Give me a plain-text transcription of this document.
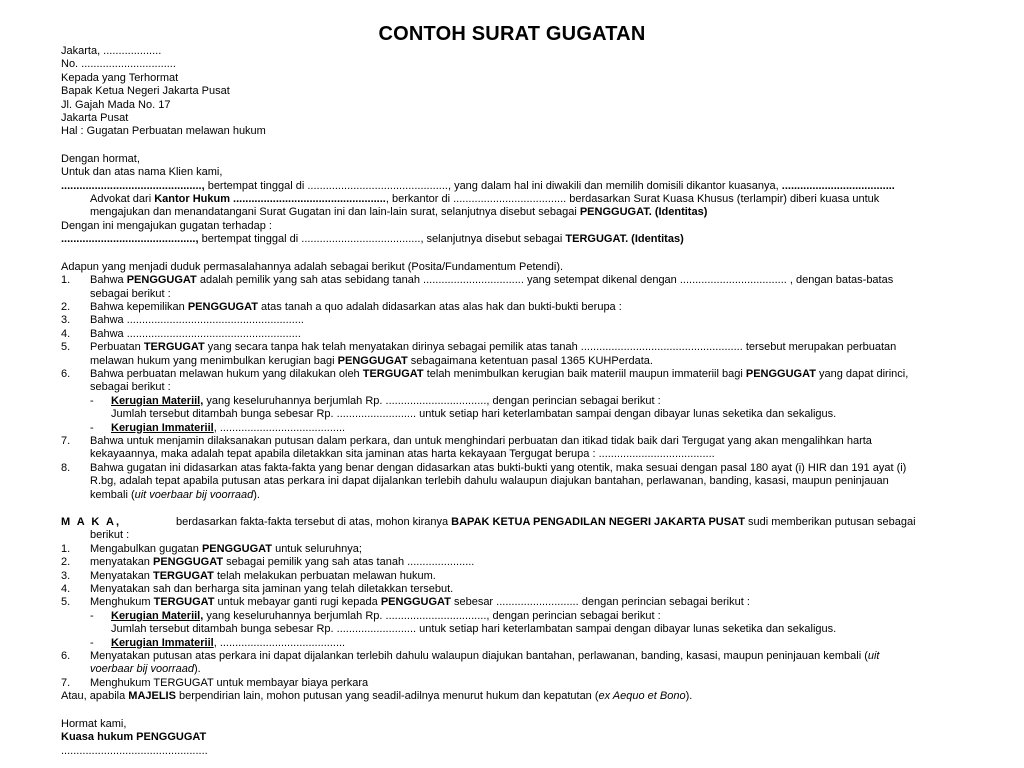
CONTOH SURAT GUGATAN
Jakarta, ...................
No. ...............................
Kepada yang Terhormat
Bapak Ketua Negeri Jakarta Pusat
Jl. Gajah Mada No. 17
Jakarta Pusat
Hal : Gugatan Perbuatan melawan hukum
Dengan hormat,
Untuk dan atas nama Klien kami,
.............................................., bertempat tinggal di .............................................., yang dalam hal ini diwakili dan memilih domisili dikantor kuasanya, .....................................
Advokat dari Kantor Hukum .................................................., berkantor di ..................................... berdasarkan Surat Kuasa Khusus (terlampir) diberi kuasa untuk
mengajukan dan menandatangani Surat Gugatan ini dan lain-lain surat, selanjutnya disebut sebagai PENGGUGAT. (Identitas)
Dengan ini mengajukan gugatan terhadap :
............................................, bertempat tinggal di ......................................., selanjutnya disebut sebagai TERGUGAT. (Identitas)
Adapun yang menjadi duduk permasalahannya adalah sebagai berikut (Posita/Fundamentum Petendi).
1.	Bahwa PENGGUGAT adalah pemilik yang sah atas sebidang tanah ................................. yang setempat dikenal dengan ................................... , dengan batas-batas
sebagai berikut :
2.	Bahwa kepemilikan PENGGUGAT atas tanah a quo adalah didasarkan atas alas hak dan bukti-bukti berupa :
3.	Bahwa ..........................................................
4.	Bahwa .........................................................
5.	Perbuatan TERGUGAT yang secara tanpa hak telah menyatakan dirinya sebagai pemilik atas tanah ..................................................... tersebut merupakan perbuatan
melawan hukum yang menimbulkan kerugian bagi PENGGUGAT sebagaimana ketentuan pasal 1365 KUHPerdata.
6.	Bahwa perbuatan melawan hukum yang dilakukan oleh TERGUGAT telah menimbulkan kerugian baik materiil maupun immateriil bagi PENGGUGAT yang dapat dirinci,
sebagai berikut :
-	Kerugian Materiil, yang keseluruhannya berjumlah Rp. ................................., dengan perincian sebagai berikut :
Jumlah tersebut ditambah bunga sebesar Rp. .......................... untuk setiap hari keterlambatan sampai dengan dibayar lunas seketika dan sekaligus.
-	Kerugian Immateriil, .........................................
7.	Bahwa untuk menjamin dilaksanakan putusan dalam perkara, dan untuk menghindari perbuatan dan itikad tidak baik dari Tergugat yang akan mengalihkan harta
kekayaannya, maka adalah tepat apabila diletakkan sita jaminan atas harta kekayaan Tergugat berupa : ......................................
8.	Bahwa gugatan ini didasarkan atas fakta-fakta yang benar dengan didasarkan atas bukti-bukti yang otentik, maka sesuai dengan pasal 180 ayat (i) HIR dan 191 ayat (i)
R.bg, adalah tepat apabila putusan atas perkara ini dapat dijalankan terlebih dahulu walaupun diajukan bantahan, perlawanan, banding, kasasi, maupun peninjauan
kembali (uit voerbaar bij voorraad).
M A K A,	berdasarkan fakta-fakta tersebut di atas, mohon kiranya BAPAK KETUA PENGADILAN NEGERI JAKARTA PUSAT sudi memberikan putusan sebagai
berikut :
1.	Mengabulkan gugatan PENGGUGAT untuk seluruhnya;
2.	menyatakan PENGGUGAT sebagai pemilik yang sah atas tanah ......................
3.	Menyatakan TERGUGAT telah melakukan perbuatan melawan hukum.
4.	Menyatakan sah dan berharga sita jaminan yang telah diletakkan tersebut.
5.	Menghukum TERGUGAT untuk mebayar ganti rugi kepada PENGGUGAT sebesar ........................... dengan perincian sebagai berikut :
-	Kerugian Materiil, yang keseluruhannya berjumlah Rp. ................................., dengan perincian sebagai berikut :
Jumlah tersebut ditambah bunga sebesar Rp. .......................... untuk setiap hari keterlambatan sampai dengan dibayar lunas seketika dan sekaligus.
-	Kerugian Immateriil, .........................................
6.	Menyatakan putusan atas perkara ini dapat dijalankan terlebih dahulu walaupun diajukan bantahan, perlawanan, banding, kasasi, maupun peninjauan kembali (uit
voerbaar bij voorraad).
7.	Menghukum TERGUGAT untuk membayar biaya perkara
Atau, apabila MAJELIS berpendirian lain, mohon putusan yang seadil-adilnya menurut hukum dan kepatutan (ex Aequo et Bono).
Hormat kami,
Kuasa hukum PENGGUGAT
................................................
